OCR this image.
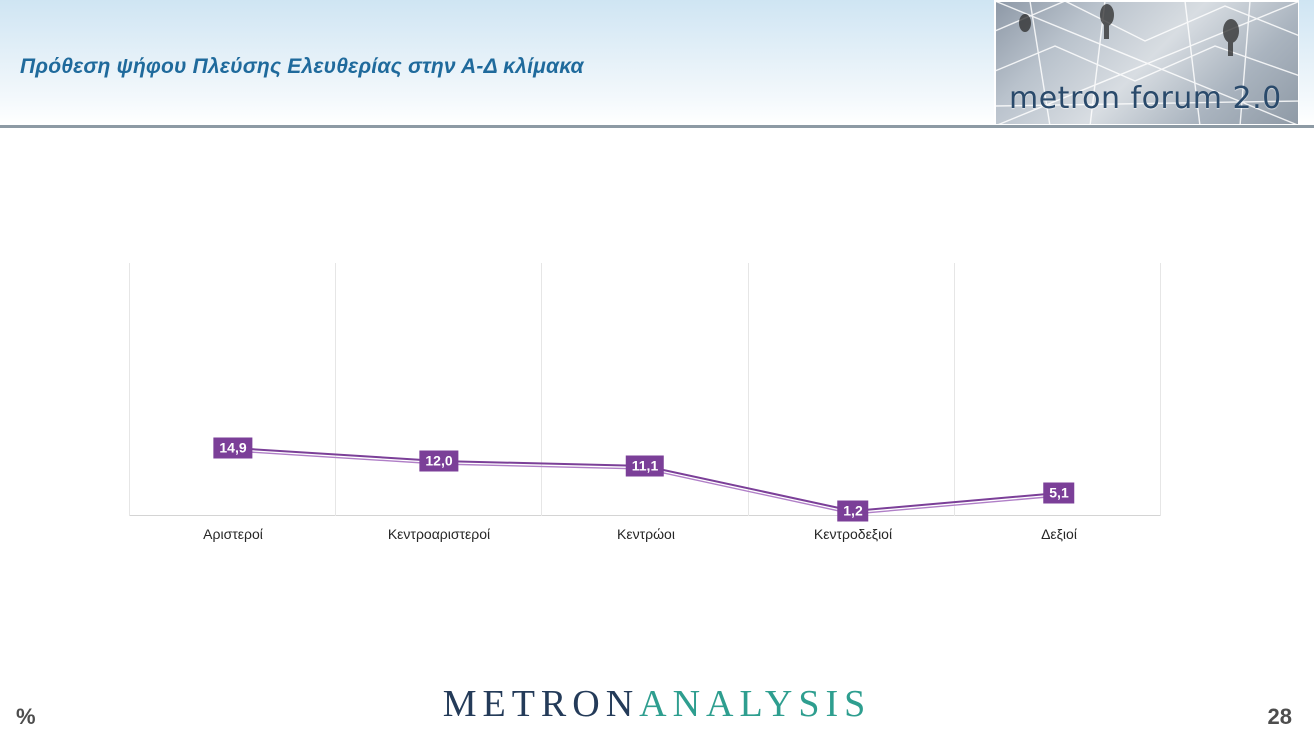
Πρόθεση ψήφου Πλεύσης Ελευθερίας στην Α-Δ κλίμακα
metron forum 2.0
14,9
12,0	11,1
1,2
5,1
Αριστεροί	Κεντροαριστεροί	Κεντρώοι	Κεντροδεξιοί	Δεξιοί
%	METRONANALYSIS	28
